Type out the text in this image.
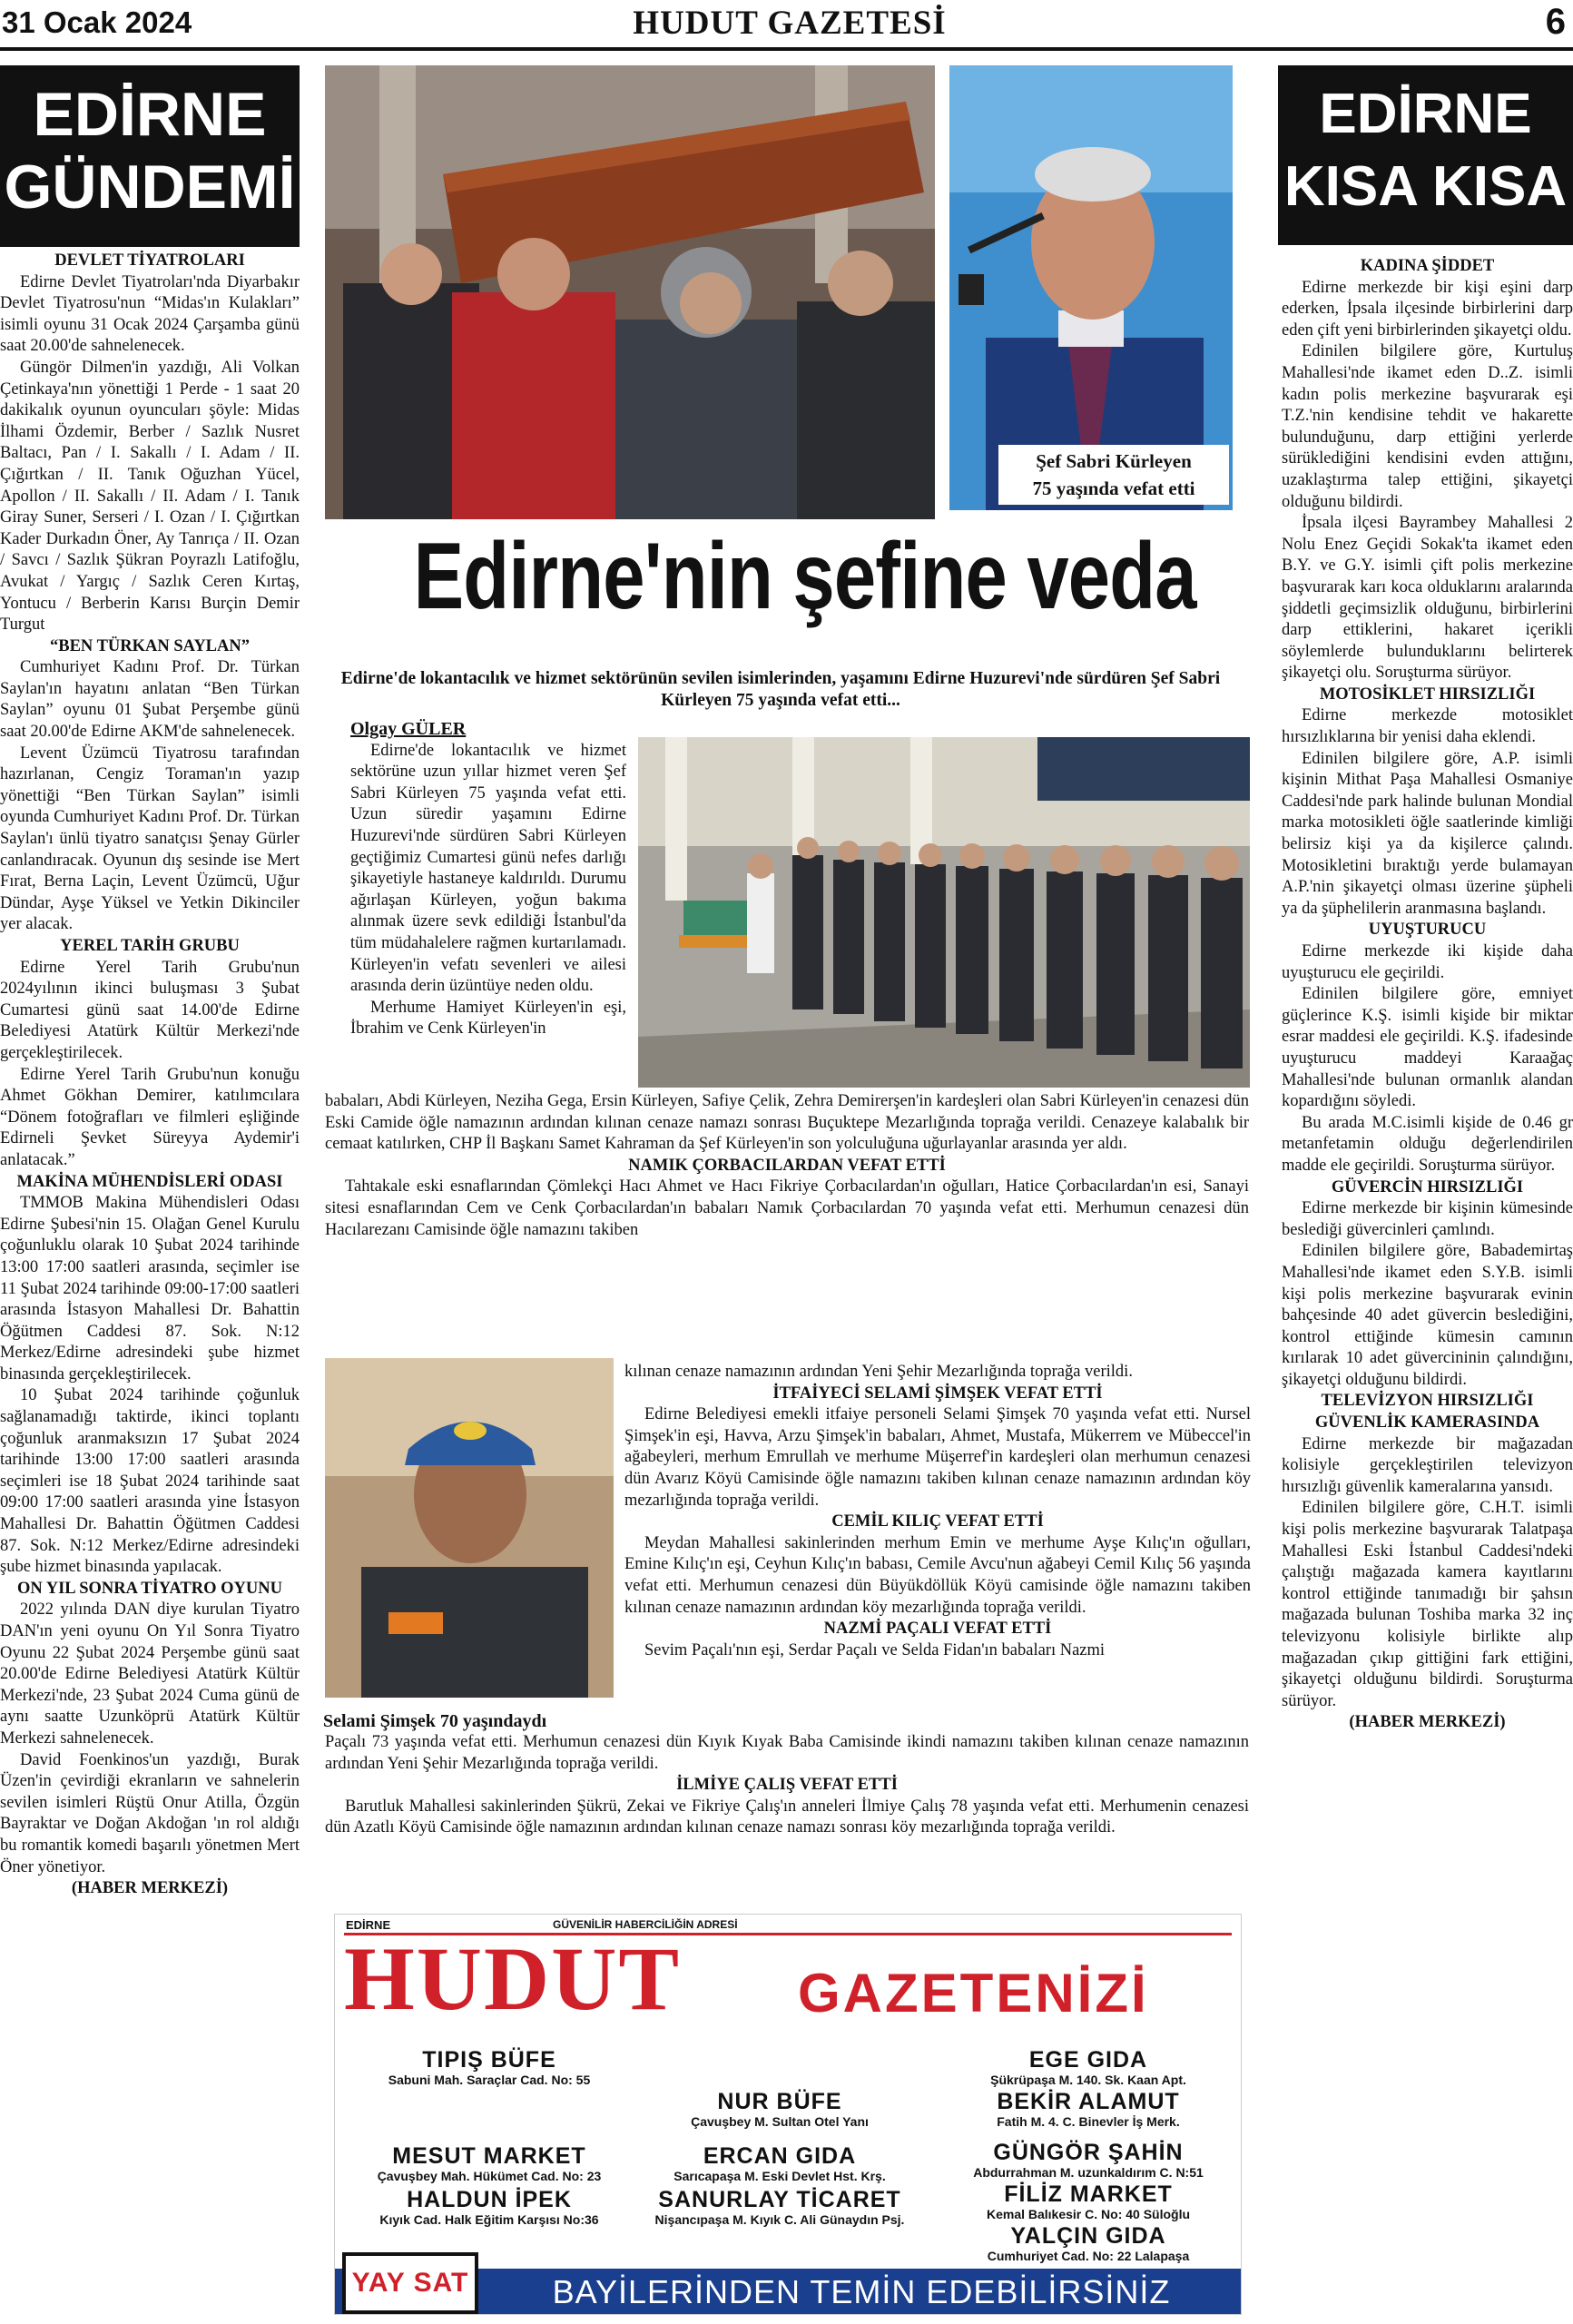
31 Ocak 2024	HUDUT GAZETESİ	6
EDİRNE
GÜNDEMİ

DEVLET TİYATROLARI

Edirne Devlet Tiyatroları'nda Diyarbakır Devlet Tiyatrosu'nun “Midas'ın Kulakları” isimli oyunu 31 Ocak 2024 Çarşamba günü saat 20.00'de sahnelenecek.

Güngör Dilmen'in yazdığı, Ali Volkan Çetinkaya'nın yönettiği 1 Perde - 1 saat 20 dakikalık oyunun oyuncuları şöyle: Midas İlhami Özdemir, Berber / Sazlık Nusret Baltacı, Pan / I. Sakallı / I. Adam / II. Çığırtkan / II. Tanık Oğuzhan Yücel, Apollon / II. Sakallı / II. Adam / I. Tanık Giray Suner, Serseri / I. Ozan / I. Çığırtkan Kader Durkadın Öner, Ay Tanrıça / II. Ozan / Savcı / Sazlık Şükran Poyrazlı Latifoğlu, Avukat / Yargıç / Sazlık Ceren Kırtaş, Yontucu / Berberin Karısı Burçin Demir Turgut

“BEN TÜRKAN SAYLAN”

Cumhuriyet Kadını Prof. Dr. Türkan Saylan'ın hayatını anlatan “Ben Türkan Saylan” oyunu 01 Şubat Perşembe günü saat 20.00'de Edirne AKM'de sahnelenecek.

Levent Üzümcü Tiyatrosu tarafından hazırlanan, Cengiz Toraman'ın yazıp yönettiği “Ben Türkan Saylan” isimli oyunda Cumhuriyet Kadını Prof. Dr. Türkan Saylan'ı ünlü tiyatro sanatçısı Şenay Gürler canlandıracak. Oyunun dış sesinde ise Mert Fırat, Berna Laçin, Levent Üzümcü, Uğur Dündar, Ayşe Yüksel ve Yetkin Dikinciler yer alacak.

YEREL TARİH GRUBU

Edirne Yerel Tarih Grubu'nun 2024yılının ikinci buluşması 3 Şubat Cumartesi günü saat 14.00'de Edirne Belediyesi Atatürk Kültür Merkezi'nde gerçekleştirilecek.

Edirne Yerel Tarih Grubu'nun konuğu Ahmet Gökhan Demirer, katılımcılara “Dönem fotoğrafları ve filmleri eşliğinde Edirneli Şevket Süreyya Aydemir'i anlatacak.”

MAKİNA MÜHENDİSLERİ ODASI

TMMOB Makina Mühendisleri Odası Edirne Şubesi'nin 15. Olağan Genel Kurulu çoğunluklu olarak 10 Şubat 2024 tarihinde 13:00 17:00 saatleri arasında, seçimler ise 11 Şubat 2024 tarihinde 09:00-17:00 saatleri arasında İstasyon Mahallesi Dr. Bahattin Öğütmen Caddesi 87. Sok. N:12 Merkez/Edirne adresindeki şube hizmet binasında gerçekleştirilecek.

10 Şubat 2024 tarihinde çoğunluk sağlanamadığı taktirde, ikinci toplantı çoğunluk aranmaksızın 17 Şubat 2024 tarihinde 13:00 17:00 saatleri arasında seçimleri ise 18 Şubat 2024 tarihinde saat 09:00 17:00 saatleri arasında yine İstasyon Mahallesi Dr. Bahattin Öğütmen Caddesi 87. Sok. N:12 Merkez/Edirne adresindeki şube hizmet binasında yapılacak.

ON YIL SONRA TİYATRO OYUNU

2022 yılında DAN diye kurulan Tiyatro DAN'ın yeni oyunu On Yıl Sonra Tiyatro Oyunu 22 Şubat 2024 Perşembe günü saat 20.00'de Edirne Belediyesi Atatürk Kültür Merkezi'nde, 23 Şubat 2024 Cuma günü de aynı saatte Uzunköprü Atatürk Kültür Merkezi sahnelenecek.

David Foenkinos'un yazdığı, Burak Üzen'in çevirdiği ekranların ve sahnelerin sevilen isimleri Rüştü Onur Atilla, Özgün Bayraktar ve Doğan Akdoğan 'ın rol aldığı bu romantik komedi başarılı yönetmen Mert Öner yönetiyor.

(HABER MERKEZİ)

Şef Sabri Kürleyen
75 yaşında vefat etti
Edirne'nin şefine veda
Edirne'de lokantacılık ve hizmet sektörünün sevilen isimlerinden, yaşamını Edirne Huzurevi'nde sürdüren Şef Sabri Kürleyen 75 yaşında vefat etti...

Olgay GÜLER

Edirne'de lokantacılık ve hizmet sektörüne uzun yıllar hizmet veren Şef Sabri Kürleyen 75 yaşında vefat etti. Uzun süredir yaşamını Edirne Huzurevi'nde sürdüren Sabri Kürleyen geçtiğimiz Cumartesi günü nefes darlığı şikayetiyle hastaneye kaldırıldı. Durumu ağırlaşan Kürleyen, yoğun bakıma alınmak üzere sevk edildiği İstanbul'da tüm müdahalelere rağmen kurtarılamadı. Kürleyen'in vefatı sevenleri ve ailesi arasında derin üzüntüye neden oldu.

Merhume Hamiyet Kürleyen'in eşi, İbrahim ve Cenk Kürleyen'in

babaları, Abdi Kürleyen, Neziha Gega, Ersin Kürleyen, Safiye Çelik, Zehra Demirerşen'in kardeşleri olan Sabri Kürleyen'in cenazesi dün Eski Camide öğle namazının ardından kılınan cenaze namazı sonrası Buçuktepe Mezarlığında toprağa verildi. Cenazeye kalabalık bir cemaat katılırken, CHP İl Başkanı Samet Kahraman da Şef Kürleyen'in son yolculuğuna uğurlayanlar arasında yer aldı.

NAMIK ÇORBACILARDAN VEFAT ETTİ

Tahtakale eski esnaflarından Çömlekçi Hacı Ahmet ve Hacı Fikriye Çorbacılardan'ın oğulları, Hatice Çorbacılardan'ın esi, Sanayi sitesi esnaflarından Cem ve Cenk Çorbacılardan'ın babaları Namık Çorbacılardan 70 yaşında vefat etti. Merhumun cenazesi dün Hacılarezanı Camisinde öğle namazını takiben

Selami Şimşek 70 yaşındaydı

kılınan cenaze namazının ardından Yeni Şehir Mezarlığında toprağa verildi.

İTFAİYECİ SELAMİ ŞİMŞEK VEFAT ETTİ

Edirne Belediyesi emekli itfaiye personeli Selami Şimşek 70 yaşında vefat etti. Nursel Şimşek'in eşi, Havva, Arzu Şimşek'in babaları, Ahmet, Mustafa, Mükerrem ve Mübeccel'in ağabeyleri, merhum Emrullah ve merhume Müşerref'in kardeşleri olan merhumun cenazesi dün Avarız Köyü Camisinde öğle namazını takiben kılınan cenaze namazının ardından köy mezarlığında toprağa verildi.

CEMİL KILIÇ VEFAT ETTİ

Meydan Mahallesi sakinlerinden merhum Emin ve merhume Ayşe Kılıç'ın oğulları, Emine Kılıç'ın eşi, Ceyhun Kılıç'ın babası, Cemile Avcu'nun ağabeyi Cemil Kılıç 56 yaşında vefat etti. Merhumun cenazesi dün Büyükdöllük Köyü camisinde öğle namazını takiben kılınan cenaze namazının ardından köy mezarlığında toprağa verildi.

NAZMİ PAÇALI VEFAT ETTİ

Sevim Paçalı'nın eşi, Serdar Paçalı ve Selda Fidan'ın babaları Nazmi

Paçalı 73 yaşında vefat etti. Merhumun cenazesi dün Kıyık Kıyak Baba Camisinde ikindi namazını takiben kılınan cenaze namazının ardından Yeni Şehir Mezarlığında toprağa verildi.

İLMİYE ÇALIŞ VEFAT ETTİ

Barutluk Mahallesi sakinlerinden Şükrü, Zekai ve Fikriye Çalış'ın anneleri İlmiye Çalış 78 yaşında vefat etti. Merhumenin cenazesi dün Azatlı Köyü Camisinde öğle namazının ardından kılınan cenaze namazı sonrası köy mezarlığında toprağa verildi.

EDİRNE	GÜVENİLİR HABERCİLİĞİN ADRESİ
HUDUT GAZETENİZİ
TIPIŞ BÜFE
Sabuni Mah. Saraçlar Cad. No: 55
NUR BÜFE
Çavuşbey M. Sultan Otel Yanı
EGE GIDA
Şükrüpaşa M. 140. Sk. Kaan Apt.
BEKİR ALAMUT
Fatih M. 4. C. Binevler İş Merk.
MESUT MARKET
Çavuşbey Mah. Hükümet Cad. No: 23
ERCAN GIDA
Sarıcapaşa M. Eski Devlet Hst. Krş.
GÜNGÖR ŞAHİN
Abdurrahman M. uzunkaldırım C. N:51
FİLİZ MARKET
Kemal Balıkesir C. No: 40 Süloğlu
HALDUN İPEK
Kıyık Cad. Halk Eğitim Karşısı No:36
SANURLAY TİCARET
Nişancıpaşa M. Kıyık C. Ali Günaydın Psj.
YALÇIN GIDA
Cumhuriyet Cad. No: 22 Lalapaşa
YAY SAT	BAYİLERİNDEN TEMİN EDEBİLİRSİNİZ
EDİRNE
KISA KISA

KADINA ŞİDDET

Edirne merkezde bir kişi eşini darp ederken, İpsala ilçesinde birbirlerini darp eden çift yeni birbirlerinden şikayetçi oldu.

Edinilen bilgilere göre, Kurtuluş Mahallesi'nde ikamet eden D..Z. isimli kadın polis merkezine başvurarak eşi T.Z.'nin kendisine tehdit ve hakarette bulunduğunu, darp ettiğini yerlerde sürüklediğini kendisini evden attığını, uzaklaştırma talep ettiğini, şikayetçi olduğunu bildirdi.

İpsala ilçesi Bayrambey Mahallesi 2 Nolu Enez Geçidi Sokak'ta ikamet eden B.Y. ve G.Y. isimli çift polis merkezine başvurarak karı koca olduklarını aralarında şiddetli geçimsizlik olduğunu, birbirlerini darp ettiklerini, hakaret içerikli söylemlerde bulunduklarını belirterek şikayetçi olu. Soruşturma sürüyor.

MOTOSİKLET HIRSIZLIĞI

Edirne merkezde motosiklet hırsızlıklarına bir yenisi daha eklendi.

Edinilen bilgilere göre, A.P. isimli kişinin Mithat Paşa Mahallesi Osmaniye Caddesi'nde park halinde bulunan Mondial marka motosikleti öğle saatlerinde kimliği belirsiz kişi ya da kişilerce çalındı. Motosikletini bıraktığı yerde bulamayan A.P.'nin şikayetçi olması üzerine şüpheli ya da şüphelilerin aranmasına başlandı.

UYUŞTURUCU

Edirne merkezde iki kişide daha uyuşturucu ele geçirildi.

Edinilen bilgilere göre, emniyet güçlerince K.Ş. isimli kişide bir miktar esrar maddesi ele geçirildi. K.Ş. ifadesinde uyuşturucu maddeyi Karaağaç Mahallesi'nde bulunan ormanlık alandan kopardığını söyledi.

Bu arada M.C.isimli kişide de 0.46 gr metanfetamin olduğu değerlendirilen madde ele geçirildi. Soruşturma sürüyor.

GÜVERCİN HIRSIZLIĞI

Edirne merkezde bir kişinin kümesinde beslediği güvercinleri çamlındı.

Edinilen bilgilere göre, Babademirtaş Mahallesi'nde ikamet eden S.Y.B. isimli kişi polis merkezine başvurarak evinin bahçesinde 40 adet güvercin beslediğini, kontrol ettiğinde kümesin camının kırılarak 10 adet güvercininin çalındığını, şikayetçi olduğunu bildirdi.

TELEVİZYON HIRSIZLIĞI GÜVENLİK KAMERASINDA

Edirne merkezde bir mağazadan kolisiyle gerçekleştirilen televizyon hırsızlığı güvenlik kameralarına yansıdı.

Edinilen bilgilere göre, C.H.T. isimli kişi polis merkezine başvurarak Talatpaşa Mahallesi Eski İstanbul Caddesi'ndeki çalıştığı mağazada kamera kayıtlarını kontrol ettiğinde tanımadığı bir şahsın mağazada bulunan Toshiba marka 32 inç televizyonu kolisiyle birlikte alıp mağazadan çıkıp gittiğini fark ettiğini, şikayetçi olduğunu bildirdi. Soruşturma sürüyor.

(HABER MERKEZİ)
